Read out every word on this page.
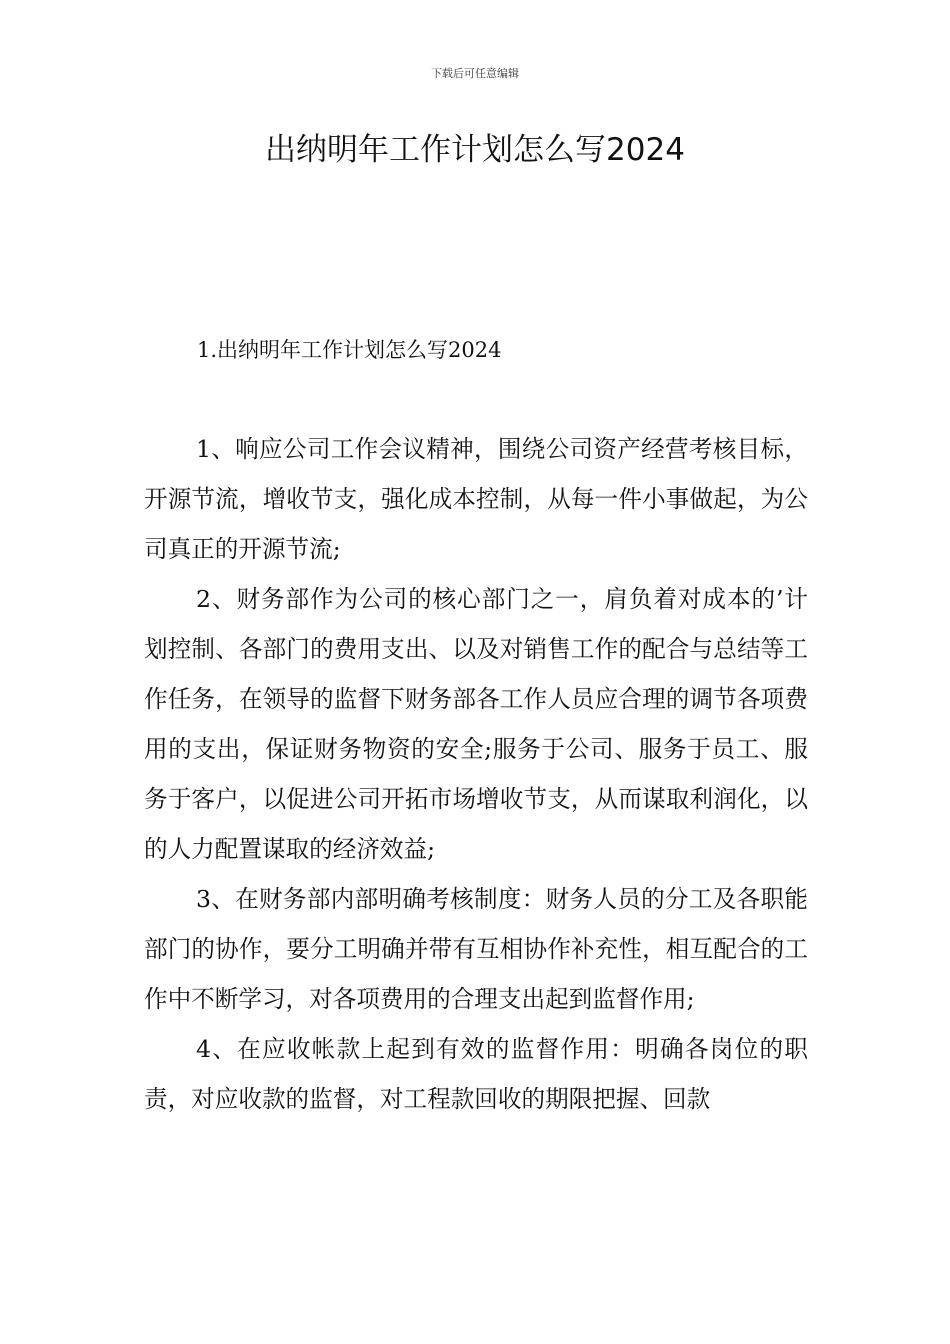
下载后可任意编辑
出纳明年工作计划怎么写2024

1.出纳明年工作计划怎么写2024

1、响应公司工作会议精神，围绕公司资产经营考核目标，开源节流，增收节支，强化成本控制，从每一件小事做起，为公司真正的开源节流;

2、财务部作为公司的核心部门之一，肩负着对成本的’计划控制、各部门的费用支出、以及对销售工作的配合与总结等工作任务，在领导的监督下财务部各工作人员应合理的调节各项费用的支出，保证财务物资的安全;服务于公司、服务于员工、服务于客户，以促进公司开拓市场增收节支，从而谋取利润化，以的人力配置谋取的经济效益;

3、在财务部内部明确考核制度：财务人员的分工及各职能部门的协作，要分工明确并带有互相协作补充性，相互配合的工作中不断学习，对各项费用的合理支出起到监督作用;

4、在应收帐款上起到有效的监督作用：明确各岗位的职责，对应收款的监督，对工程款回收的期限把握、回款
